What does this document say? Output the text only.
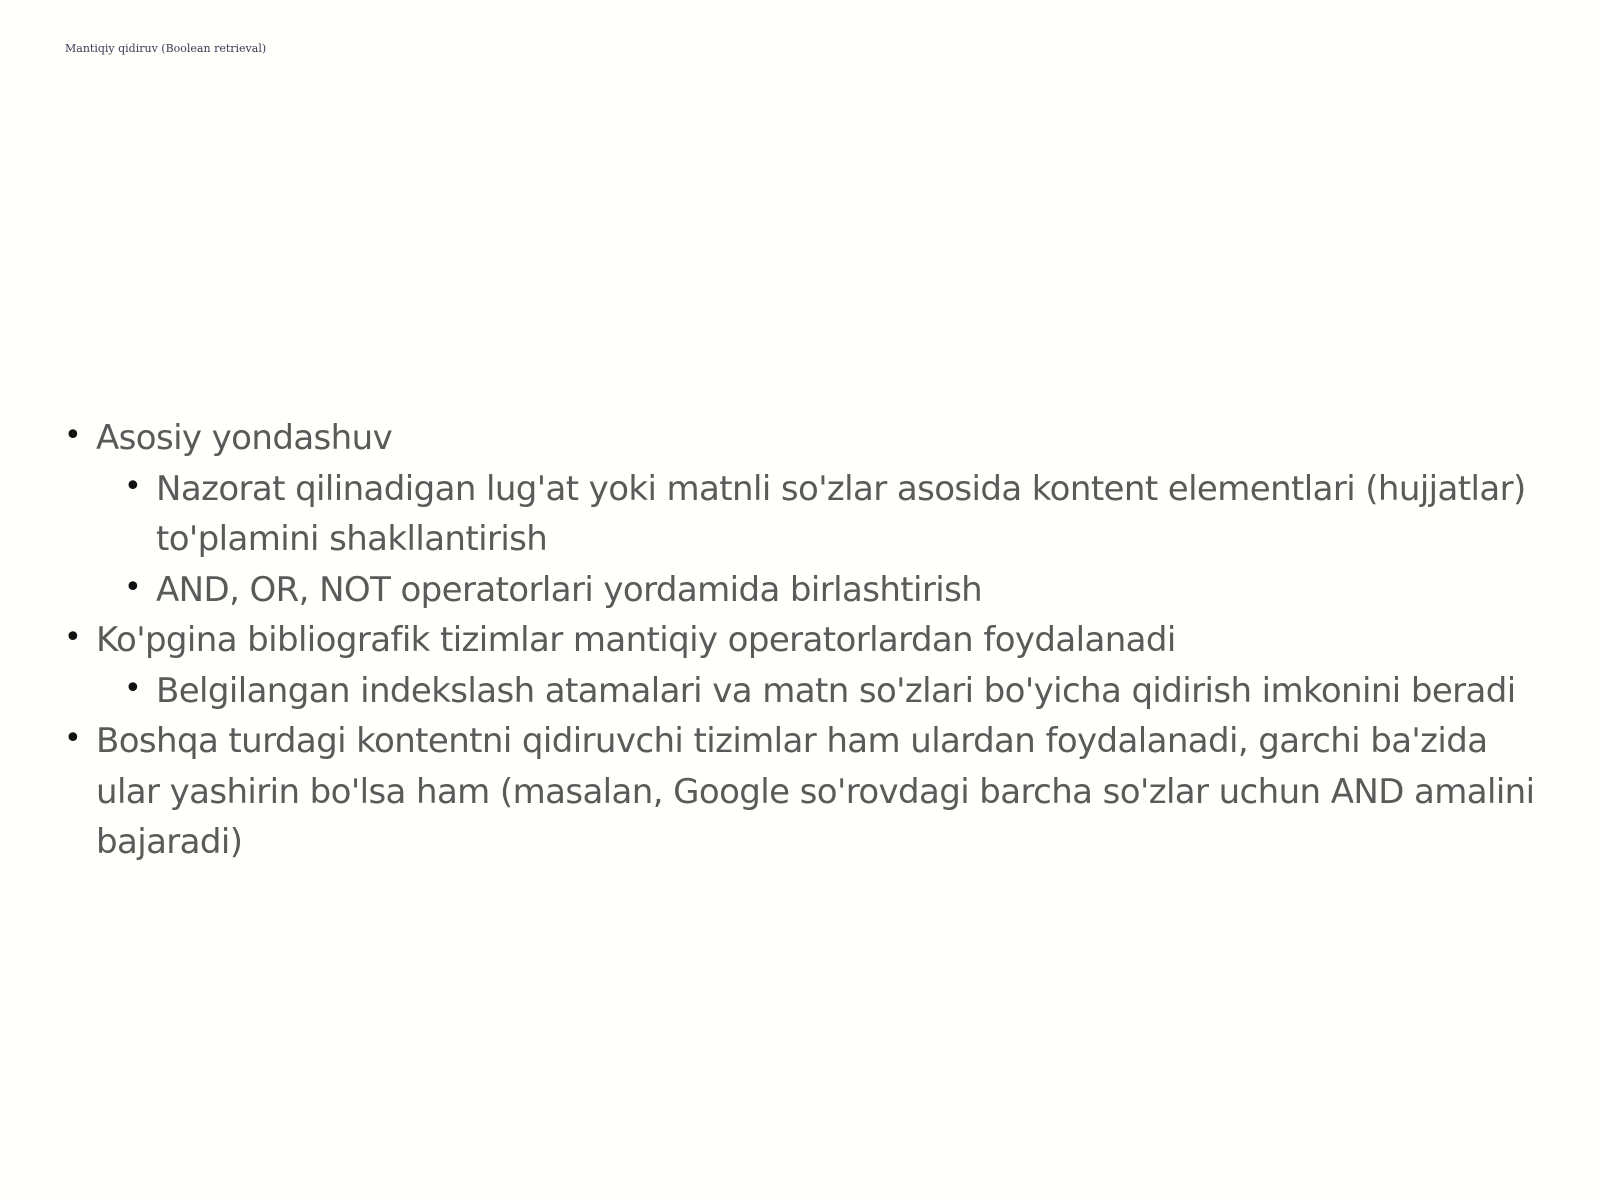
Mantiqiy qidiruv (Boolean retrieval)
• Asosiy yondashuv
• Nazorat qilinadigan lug'at yoki matnli so'zlar asosida kontent elementlari (hujjatlar) to'plamini shakllantirish
• AND, OR, NOT operatorlari yordamida birlashtirish
• Ko'pgina bibliografik tizimlar mantiqiy operatorlardan foydalanadi
• Belgilangan indekslash atamalari va matn so'zlari bo'yicha qidirish imkonini beradi
• Boshqa turdagi kontentni qidiruvchi tizimlar ham ulardan foydalanadi, garchi ba'zida ular yashirin bo'lsa ham (masalan, Google so'rovdagi barcha so'zlar uchun AND amalini bajaradi)
